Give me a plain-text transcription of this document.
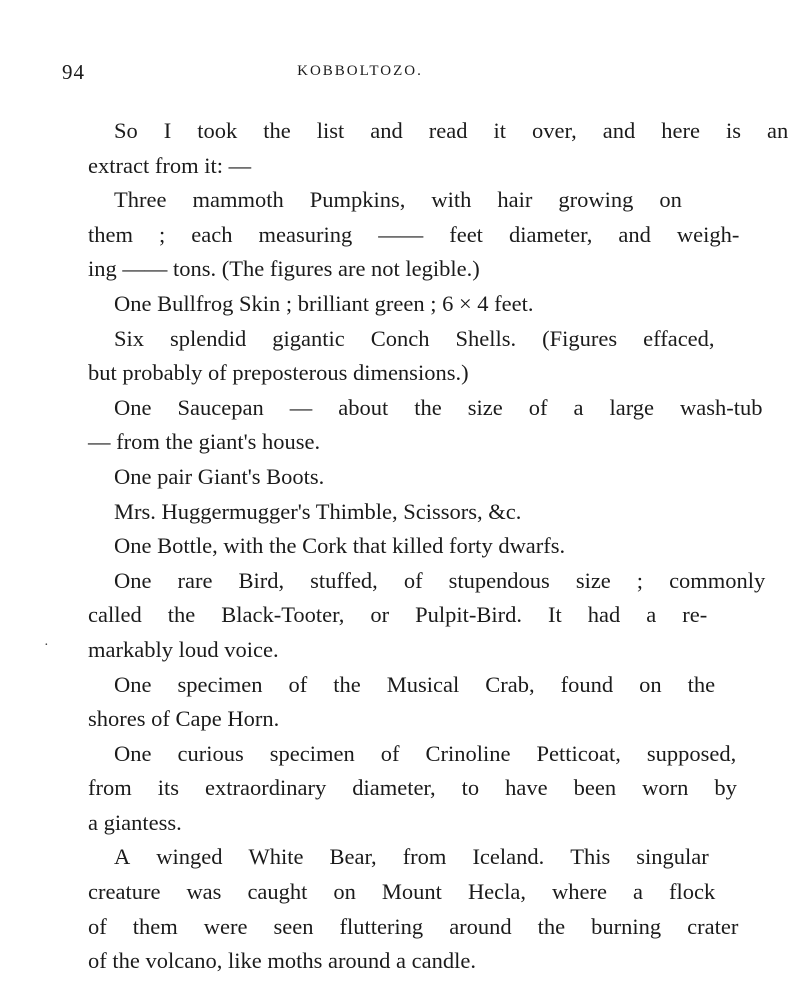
94	KOBBOLTOZO.
So	I	took	the	list	and	read	it	over,	and	here	is	an
extract from it: —
Three	mammoth	Pumpkins,	with	hair	growing	on
them	;	each	measuring	——	feet	diameter,	and	weigh-
ing —— tons. (The figures are not legible.)
One Bullfrog Skin ; brilliant green ; 6 × 4 feet.
Six	splendid	gigantic	Conch	Shells.	(Figures	effaced,
but probably of preposterous dimensions.)
One	Saucepan	—	about	the	size	of	a	large	wash-tub
— from the giant's house.
One pair Giant's Boots.
Mrs. Huggermugger's Thimble, Scissors, &c.
One Bottle, with the Cork that killed forty dwarfs.
One	rare	Bird,	stuffed,	of	stupendous	size	;	commonly
called	the	Black-Tooter,	or	Pulpit-Bird.	It	had	a	re-
markably loud voice.
One	specimen	of	the	Musical	Crab,	found	on	the
shores of Cape Horn.
One	curious	specimen	of	Crinoline	Petticoat,	supposed,
from	its	extraordinary	diameter,	to	have	been	worn	by
a giantess.
A	winged	White	Bear,	from	Iceland.	This	singular
creature	was	caught	on	Mount	Hecla,	where	a	flock
of	them	were	seen	fluttering	around	the	burning	crater
of the volcano, like moths around a candle.
·
